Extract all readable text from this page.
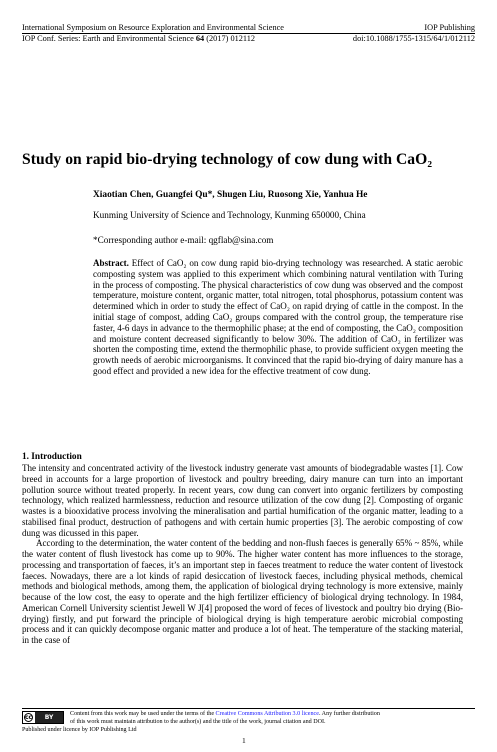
International Symposium on Resource Exploration and Environmental Science	IOP Publishing
IOP Conf. Series: Earth and Environmental Science 64 (2017) 012112	doi:10.1088/1755-1315/64/1/012112
Study on rapid bio-drying technology of cow dung with CaO₂
Xiaotian Chen, Guangfei Qu*, Shugen Liu, Ruosong Xie, Yanhua He
Kunming University of Science and Technology, Kunming 650000, China
*Corresponding author e-mail: qgflab@sina.com
Abstract. Effect of CaO₂ on cow dung rapid bio-drying technology was researched. A static aerobic composting system was applied to this experiment which combining natural ventilation with Turing in the process of composting. The physical characteristics of cow dung was observed and the compost temperature, moisture content, organic matter, total nitrogen, total phosphorus, potassium content was determined which in order to study the effect of CaO₂ on rapid drying of cattle in the compost. In the initial stage of compost, adding CaO₂ groups compared with the control group, the temperature rise faster, 4-6 days in advance to the thermophilic phase; at the end of composting, the CaO₂ composition and moisture content decreased significantly to below 30%. The addition of CaO₂ in fertilizer was shorten the composting time, extend the thermophilic phase, to provide sufficient oxygen meeting the growth needs of aerobic microorganisms. It convinced that the rapid bio-drying of dairy manure has a good effect and provided a new idea for the effective treatment of cow dung.
1. Introduction

The intensity and concentrated activity of the livestock industry generate vast amounts of biodegradable wastes [1]. Cow breed in accounts for a large proportion of livestock and poultry breeding, dairy manure can turn into an important pollution source without treated properly. In recent years, cow dung can convert into organic fertilizers by composting technology, which realized harmlessness, reduction and resource utilization of the cow dung [2]. Composting of organic wastes is a biooxidative process involving the mineralisation and partial humification of the organic matter, leading to a stabilised final product, destruction of pathogens and with certain humic properties [3]. The aerobic composting of cow dung was dicussed in this paper.

According to the determination, the water content of the bedding and non-flush faeces is generally 65% ~ 85%, while the water content of flush livestock has come up to 90%. The higher water content has more influences to the storage, processing and transportation of faeces, it’s an important step in faeces treatment to reduce the water content of livestock faeces. Nowadays, there are a lot kinds of rapid desiccation of livestock faeces, including physical methods, chemical methods and biological methods, among them, the application of biological drying technology is more extensive, mainly because of the low cost, the easy to operate and the high fertilizer efficiency of biological drying technology. In 1984, American Cornell University scientist Jewell W J[4] proposed the word of feces of livestock and poultry bio drying (Bio-drying) firstly, and put forward the principle of biological drying is high temperature aerobic microbial composting process and it can quickly decompose organic matter and produce a lot of heat. The temperature of the stacking material, in the case of

cc	BY	Content from this work may be used under the terms of the Creative Commons Attribution 3.0 licence. Any further distribution
of this work must maintain attribution to the author(s) and the title of the work, journal citation and DOI.
Published under licence by IOP Publishing Ltd
1
